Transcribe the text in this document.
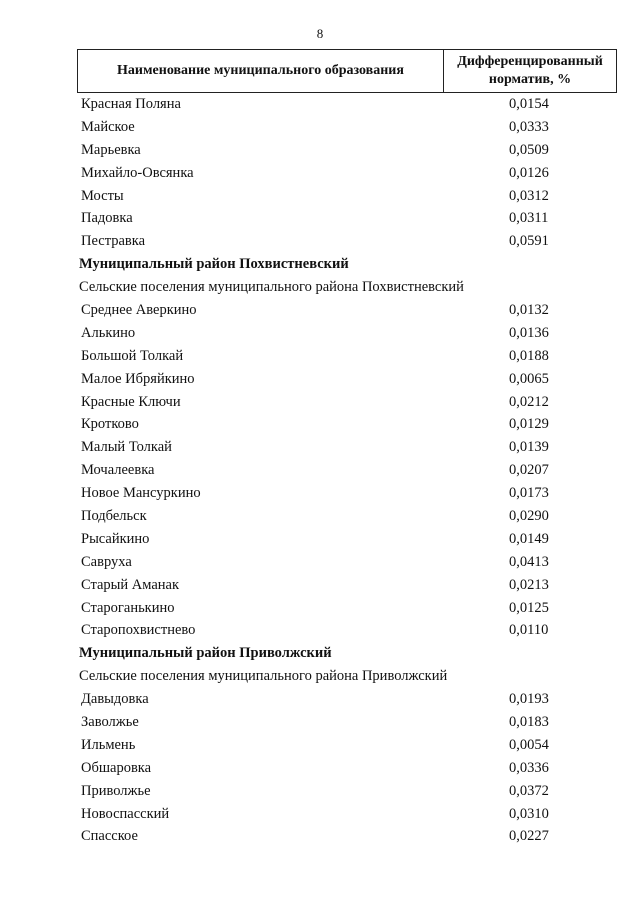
8
Наименование муниципального образования
Дифференцированный
норматив, %
Красная Поляна	0,0154
Майское	0,0333
Марьевка	0,0509
Михайло-Овсянка	0,0126
Мосты	0,0312
Падовка	0,0311
Пестравка	0,0591
Муниципальный район Похвистневский
Сельские поселения муниципального района Похвистневский
Среднее Аверкино	0,0132
Алькино	0,0136
Большой Толкай	0,0188
Малое Ибряйкино	0,0065
Красные Ключи	0,0212
Кротково	0,0129
Малый Толкай	0,0139
Мочалеевка	0,0207
Новое Мансуркино	0,0173
Подбельск	0,0290
Рысайкино	0,0149
Савруха	0,0413
Старый Аманак	0,0213
Староганькино	0,0125
Старопохвистнево	0,0110
Муниципальный район Приволжский
Сельские поселения муниципального района Приволжский
Давыдовка	0,0193
Заволжье	0,0183
Ильмень	0,0054
Обшаровка	0,0336
Приволжье	0,0372
Новоспасский	0,0310
Спасское	0,0227
